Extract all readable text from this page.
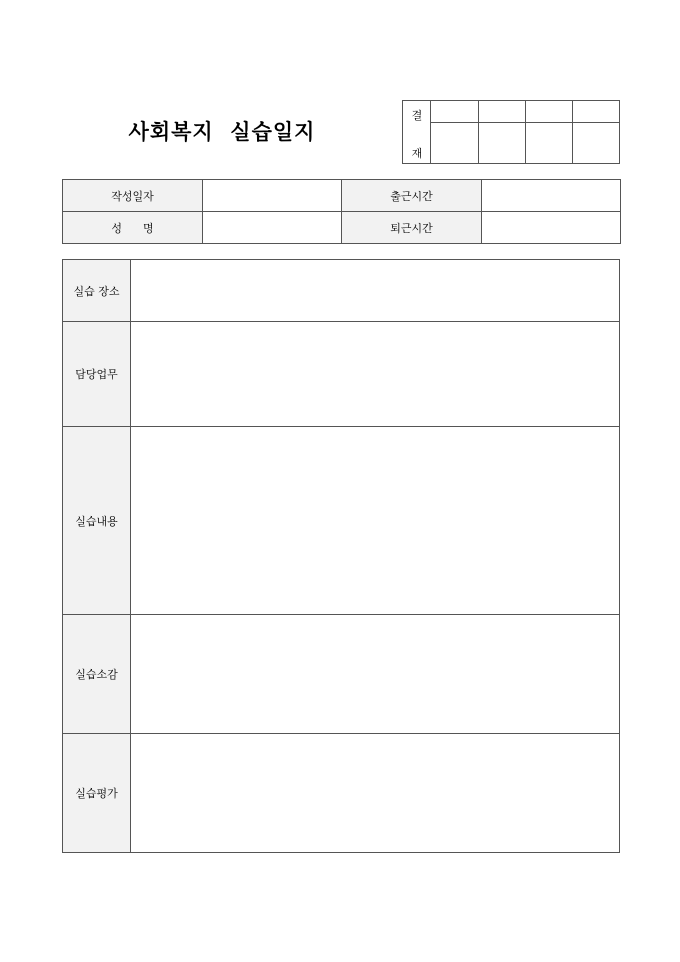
사회복지  실습일지
결
재
작성일자		출근시간	
성      명		퇴근시간	
실습 장소	
담당업무	
실습내용	
실습소감	
실습평가	
